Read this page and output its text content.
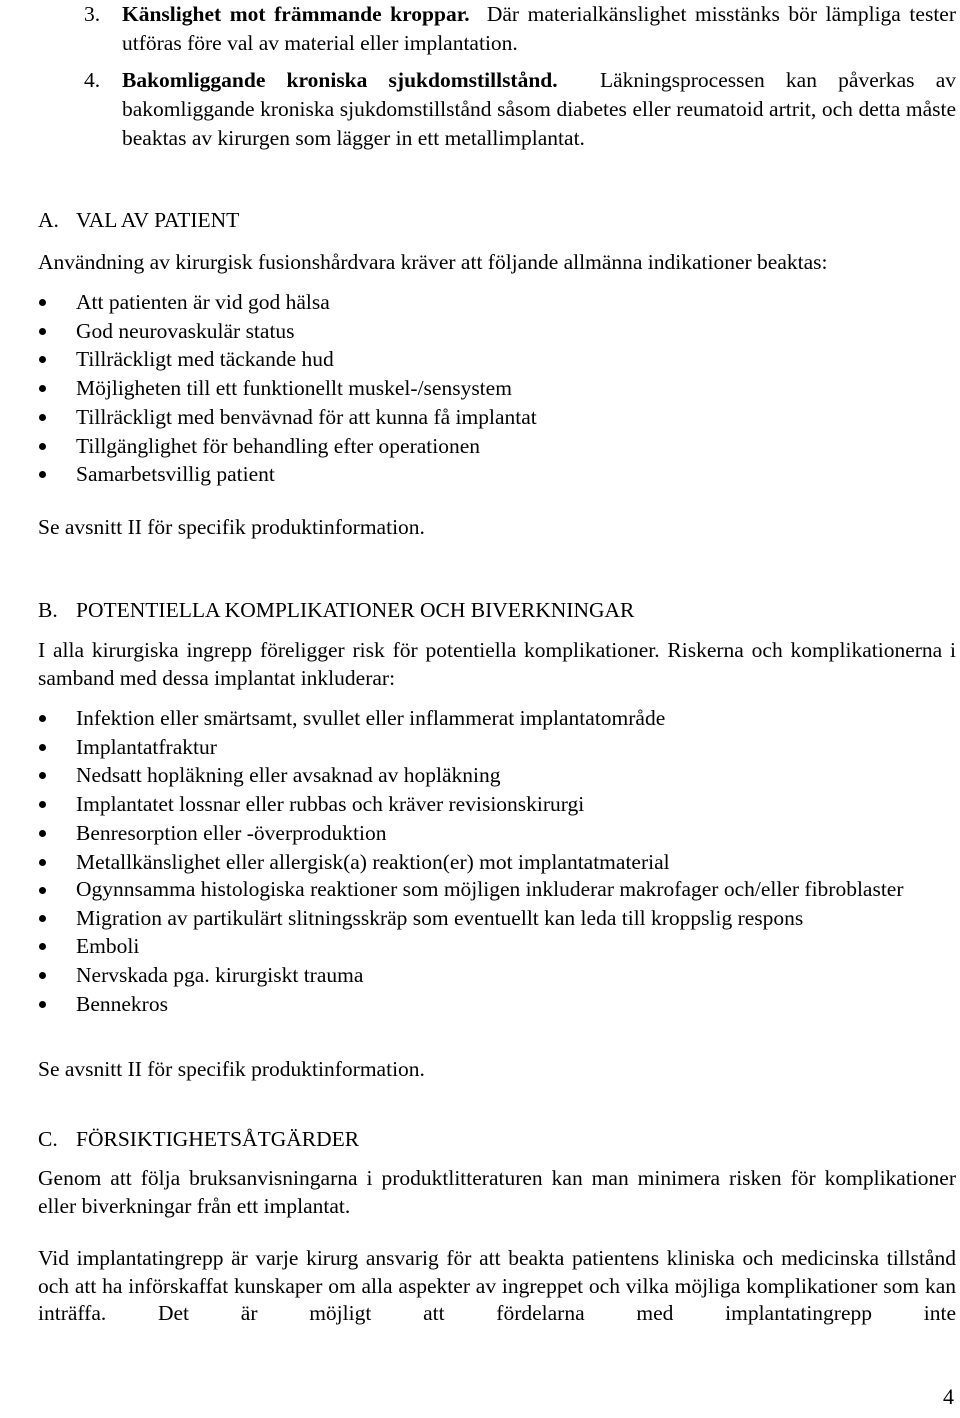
3. Känslighet mot främmande kroppar. Där materialkänslighet misstänks bör lämpliga tester utföras före val av material eller implantation.

4. Bakomliggande kroniska sjukdomstillstånd. Läkningsprocessen kan påverkas av bakomliggande kroniska sjukdomstillstånd såsom diabetes eller reumatoid artrit, och detta måste beaktas av kirurgen som lägger in ett metallimplantat.

A. VAL AV PATIENT

Användning av kirurgisk fusionshårdvara kräver att följande allmänna indikationer beaktas:

Att patienten är vid god hälsa
God neurovaskulär status
Tillräckligt med täckande hud
Möjligheten till ett funktionellt muskel-/sensystem
Tillräckligt med benvävnad för att kunna få implantat
Tillgänglighet för behandling efter operationen
Samarbetsvillig patient

Se avsnitt II för specifik produktinformation.

B. POTENTIELLA KOMPLIKATIONER OCH BIVERKNINGAR

I alla kirurgiska ingrepp föreligger risk för potentiella komplikationer. Riskerna och komplikationerna i samband med dessa implantat inkluderar:

Infektion eller smärtsamt, svullet eller inflammerat implantatområde
Implantatfraktur
Nedsatt hopläkning eller avsaknad av hopläkning
Implantatet lossnar eller rubbas och kräver revisionskirurgi
Benresorption eller -överproduktion
Metallkänslighet eller allergisk(a) reaktion(er) mot implantatmaterial
Ogynnsamma histologiska reaktioner som möjligen inkluderar makrofager och/eller fibroblaster
Migration av partikulärt slitningsskräp som eventuellt kan leda till kroppslig respons
Emboli
Nervskada pga. kirurgiskt trauma
Bennekros

Se avsnitt II för specifik produktinformation.

C. FÖRSIKTIGHETSÅTGÄRDER

Genom att följa bruksanvisningarna i produktlitteraturen kan man minimera risken för komplikationer eller biverkningar från ett implantat.

Vid implantatingrepp är varje kirurg ansvarig för att beakta patientens kliniska och medicinska tillstånd och att ha införskaffat kunskaper om alla aspekter av ingreppet och vilka möjliga komplikationer som kan inträffa. Det är möjligt att fördelarna med implantatingrepp inte

4
